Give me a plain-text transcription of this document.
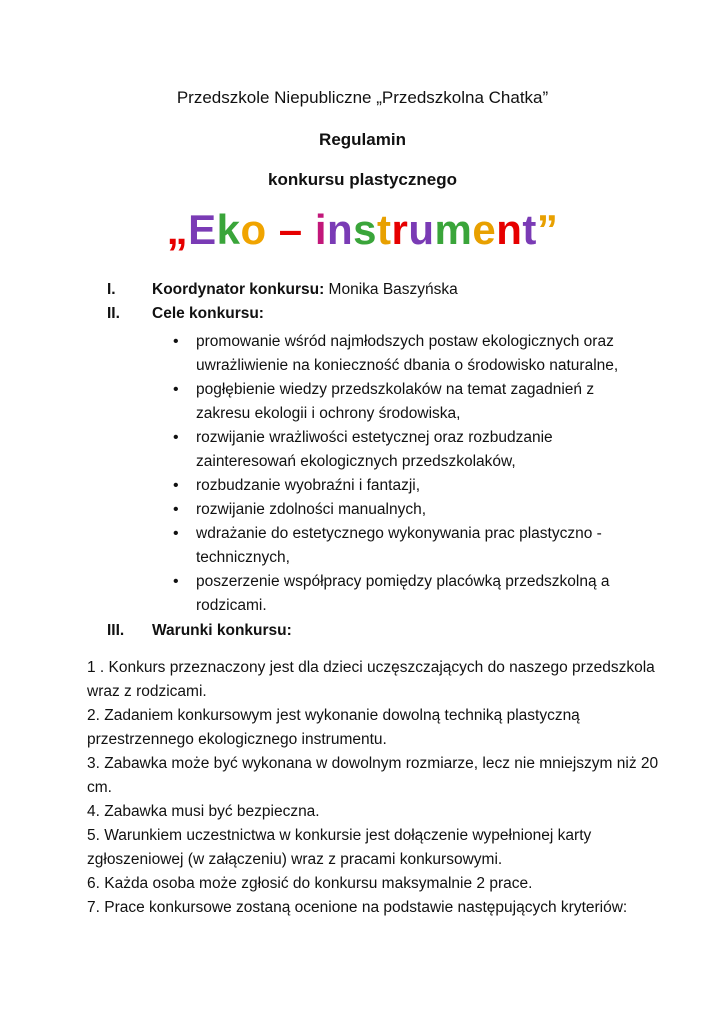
Przedszkole Niepubliczne „Przedszkolna Chatka”
Regulamin
konkursu plastycznego
„Eko – instrument”
I. Koordynator konkursu: Monika Baszyńska
II. Cele konkursu:
• promowanie wśród najmłodszych postaw ekologicznych oraz uwrażliwienie na konieczność dbania o środowisko naturalne,
• pogłębienie wiedzy przedszkolaków na temat zagadnień z zakresu ekologii i ochrony środowiska,
• rozwijanie wrażliwości estetycznej oraz rozbudzanie zainteresowań ekologicznych przedszkolaków,
• rozbudzanie wyobraźni i fantazji,
• rozwijanie zdolności manualnych,
• wdrażanie do estetycznego wykonywania prac plastyczno - technicznych,
• poszerzenie współpracy pomiędzy placówką przedszkolną a rodzicami.
III. Warunki konkursu:

1 . Konkurs przeznaczony jest dla dzieci uczęszczających do naszego przedszkola wraz z rodzicami.

2. Zadaniem konkursowym jest wykonanie dowolną techniką plastyczną przestrzennego ekologicznego instrumentu.

3. Zabawka może być wykonana w dowolnym rozmiarze, lecz nie mniejszym niż 20 cm.

4. Zabawka musi być bezpieczna.

5. Warunkiem uczestnictwa w konkursie jest dołączenie wypełnionej karty zgłoszeniowej (w załączeniu) wraz z pracami konkursowymi.

6. Każda osoba może zgłosić do konkursu maksymalnie 2 prace.

7. Prace konkursowe zostaną ocenione na podstawie następujących kryteriów:
